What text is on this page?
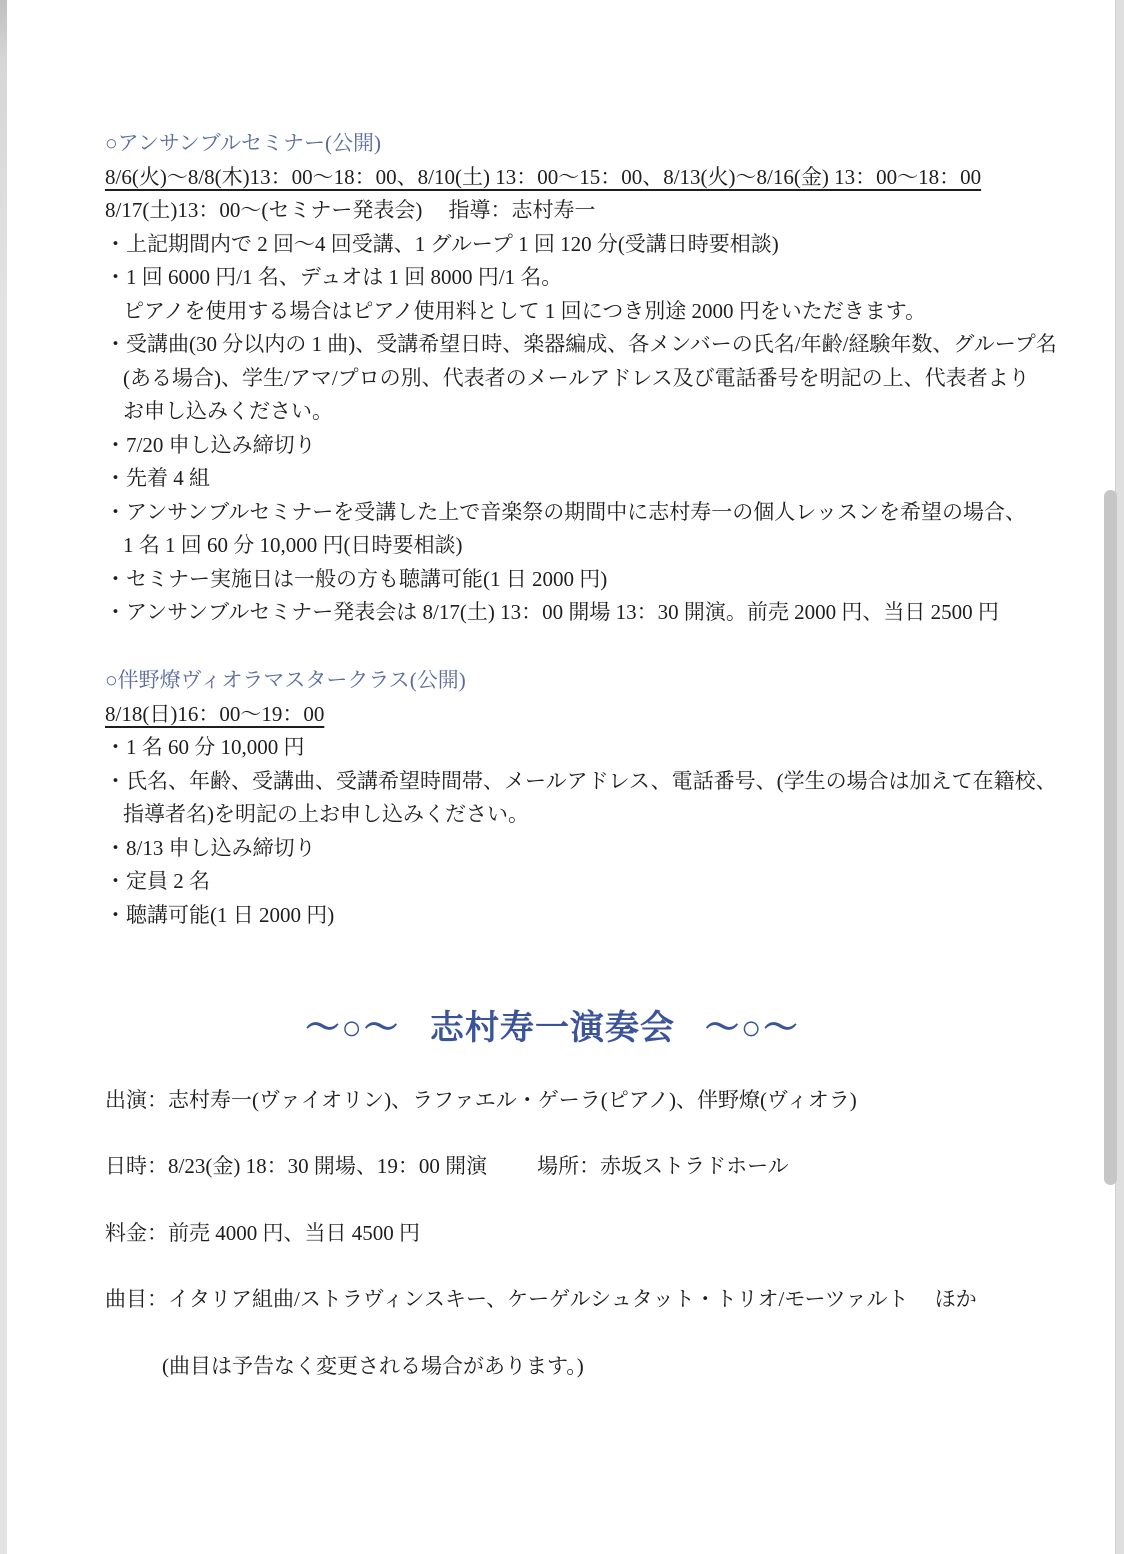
○アンサンブルセミナー(公開)
8/6(火)～8/8(木)13：00～18：00、8/10(土) 13：00～15：00、8/13(火)～8/16(金) 13：00～18：00
8/17(土)13：00～(セミナー発表会)　 指導：志村寿一
・上記期間内で 2 回～4 回受講、1 グループ 1 回 120 分(受講日時要相談)
・1 回 6000 円/1 名、デュオは 1 回 8000 円/1 名。
ピアノを使用する場合はピアノ使用料として 1 回につき別途 2000 円をいただきます。
・受講曲(30 分以内の 1 曲)、受講希望日時、楽器編成、各メンバーの氏名/年齢/経験年数、グループ名
(ある場合)、学生/アマ/プロの別、代表者のメールアドレス及び電話番号を明記の上、代表者より
お申し込みください。
・7/20 申し込み締切り
・先着 4 組
・アンサンブルセミナーを受講した上で音楽祭の期間中に志村寿一の個人レッスンを希望の場合、
1 名 1 回 60 分 10,000 円(日時要相談)
・セミナー実施日は一般の方も聴講可能(1 日 2000 円)
・アンサンブルセミナー発表会は 8/17(土) 13：00 開場 13：30 開演。前売 2000 円、当日 2500 円
○伴野燎ヴィオラマスタークラス(公開)
8/18(日)16：00～19：00
・1 名 60 分 10,000 円
・氏名、年齢、受講曲、受講希望時間帯、メールアドレス、電話番号、(学生の場合は加えて在籍校、
指導者名)を明記の上お申し込みください。
・8/13 申し込み締切り
・定員 2 名
・聴講可能(1 日 2000 円)
～○～ 志村寿一演奏会 ～○～
出演：志村寿一(ヴァイオリン)、ラファエル・ゲーラ(ピアノ)、伴野燎(ヴィオラ)
日時：8/23(金) 18：30 開場、19：00 開演 場所：赤坂ストラドホール
料金：前売 4000 円、当日 4500 円
曲目：イタリア組曲/ストラヴィンスキー、ケーゲルシュタット・トリオ/モーツァルト　 ほか
(曲目は予告なく変更される場合があります。)
